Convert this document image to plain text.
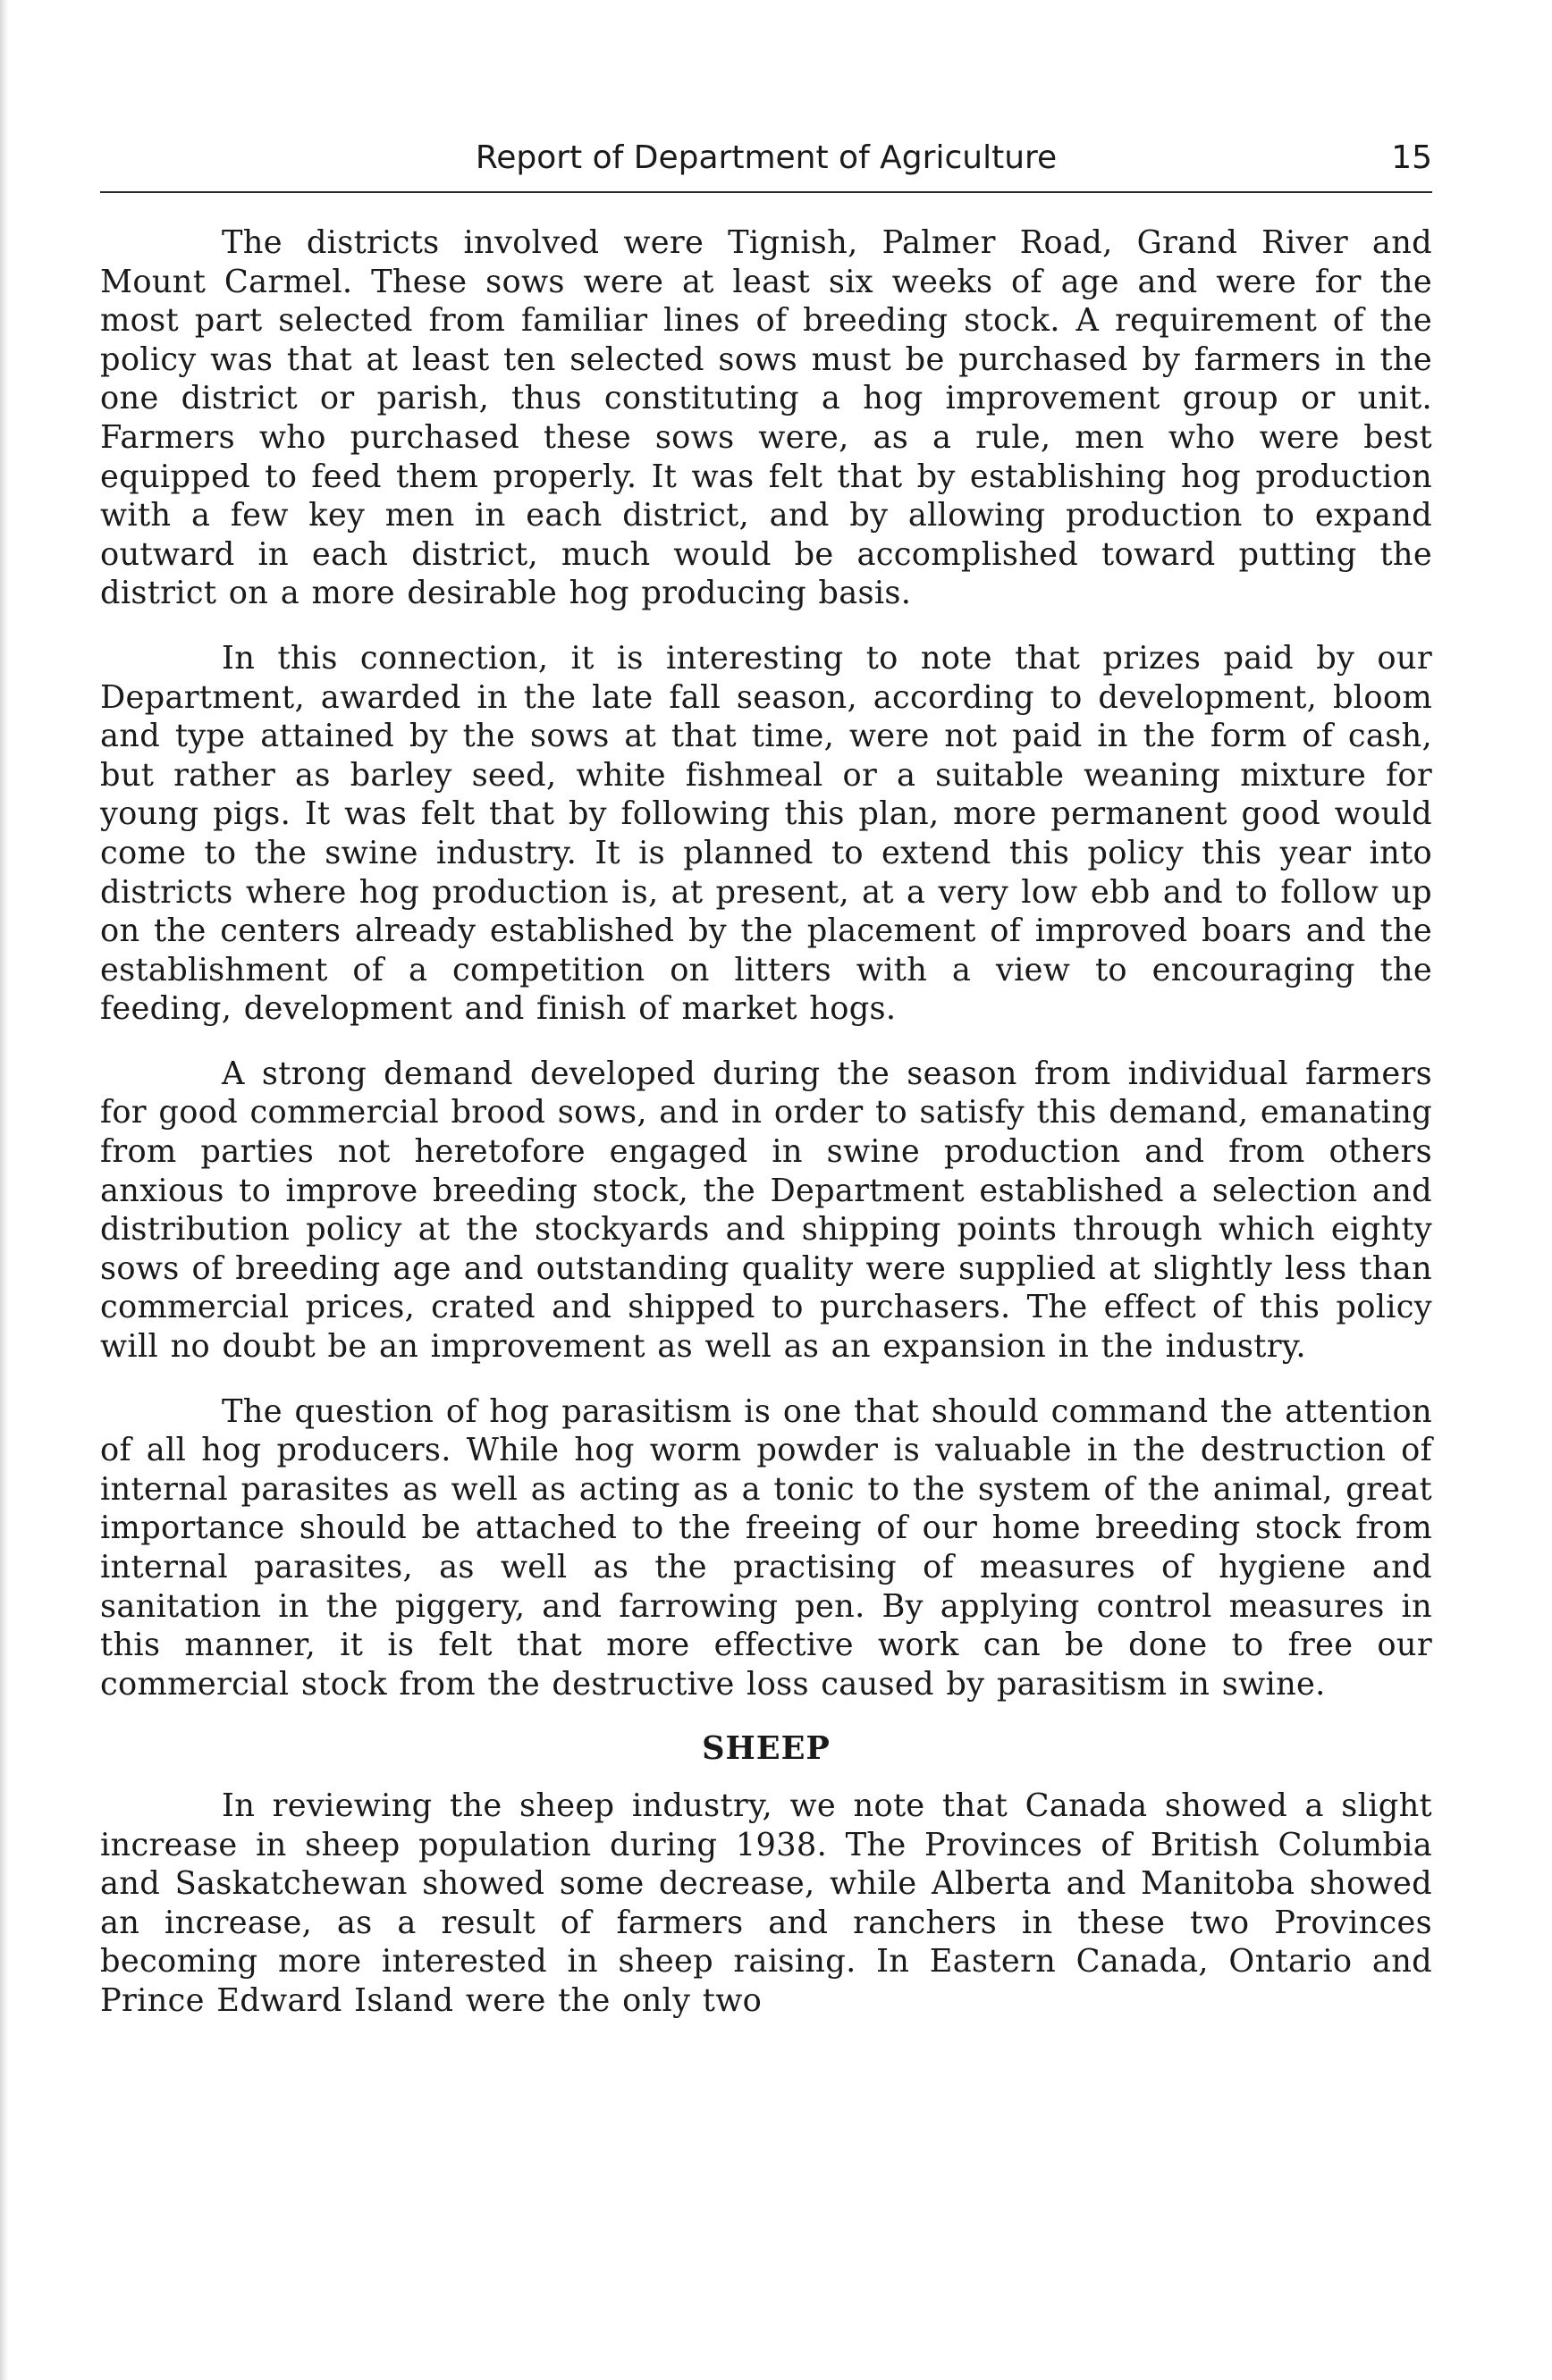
Report of Department of Agriculture	15

The districts involved were Tignish, Palmer Road, Grand River and Mount Carmel. These sows were at least six weeks of age and were for the most part selected from familiar lines of breeding stock. A requirement of the policy was that at least ten selected sows must be purchased by farmers in the one district or parish, thus constituting a hog improvement group or unit. Farmers who purchased these sows were, as a rule, men who were best equipped to feed them properly. It was felt that by establishing hog production with a few key men in each district, and by allowing production to expand outward in each district, much would be accomplished toward putting the district on a more desirable hog producing basis.

In this connection, it is interesting to note that prizes paid by our Department, awarded in the late fall season, according to development, bloom and type attained by the sows at that time, were not paid in the form of cash, but rather as barley seed, white fishmeal or a suitable weaning mixture for young pigs. It was felt that by following this plan, more permanent good would come to the swine industry. It is planned to extend this policy this year into districts where hog production is, at present, at a very low ebb and to follow up on the centers already established by the placement of improved boars and the establishment of a competition on litters with a view to encouraging the feeding, development and finish of market hogs.

A strong demand developed during the season from individual farmers for good commercial brood sows, and in order to satisfy this demand, emanating from parties not heretofore engaged in swine production and from others anxious to improve breeding stock, the Department established a selection and distribution policy at the stockyards and shipping points through which eighty sows of breeding age and outstanding quality were supplied at slightly less than commercial prices, crated and shipped to purchasers. The effect of this policy will no doubt be an improvement as well as an expansion in the industry.

The question of hog parasitism is one that should command the attention of all hog producers. While hog worm powder is valuable in the destruction of internal parasites as well as acting as a tonic to the system of the animal, great importance should be attached to the freeing of our home breeding stock from internal parasites, as well as the practising of measures of hygiene and sanitation in the piggery, and farrowing pen. By applying control measures in this manner, it is felt that more effective work can be done to free our commercial stock from the destructive loss caused by parasitism in swine.

SHEEP

In reviewing the sheep industry, we note that Canada showed a slight increase in sheep population during 1938. The Provinces of British Columbia and Saskatchewan showed some decrease, while Alberta and Manitoba showed an increase, as a result of farmers and ranchers in these two Provinces becoming more interested in sheep raising. In Eastern Canada, Ontario and Prince Edward Island were the only two
